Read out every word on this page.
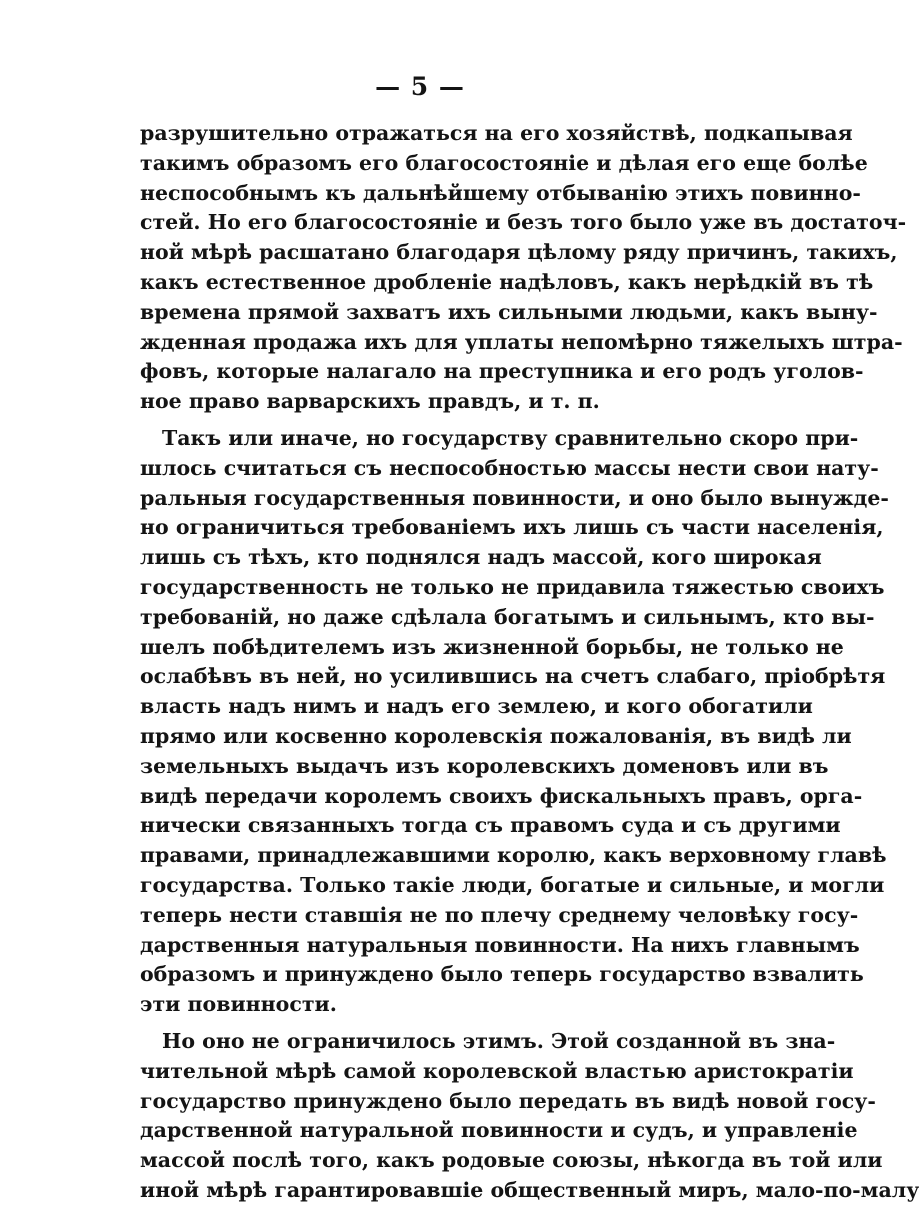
— 5 —
разрушительно отражаться на его хозяйствѣ, подкапывая
такимъ образомъ его благосостояніе и дѣлая его еще болѣе
неспособнымъ къ дальнѣйшему отбыванію этихъ повинно-
стей. Но его благосостояніе и безъ того было уже въ достаточ-
ной мѣрѣ расшатано благодаря цѣлому ряду причинъ, такихъ,
какъ естественное дробленіе надѣловъ, какъ нерѣдкій въ тѣ
времена прямой захватъ ихъ сильными людьми, какъ выну-
жденная продажа ихъ для уплаты непомѣрно тяжелыхъ штра-
фовъ, которые налагало на преступника и его родъ уголов-
ное право варварскихъ правдъ, и т. п.
Такъ или иначе, но государству сравнительно скоро при-
шлось считаться съ неспособностью массы нести свои нату-
ральныя государственныя повинности, и оно было вынужде-
но ограничиться требованіемъ ихъ лишь съ части населенія,
лишь съ тѣхъ, кто поднялся надъ массой, кого широкая
государственность не только не придавила тяжестью своихъ
требованій, но даже сдѣлала богатымъ и сильнымъ, кто вы-
шелъ побѣдителемъ изъ жизненной борьбы, не только не
ослабѣвъ въ ней, но усилившись на счетъ слабаго, пріобрѣтя
власть надъ нимъ и надъ его землею, и кого обогатили
прямо или косвенно королевскія пожалованія, въ видѣ ли
земельныхъ выдачъ изъ королевскихъ доменовъ или въ
видѣ передачи королемъ своихъ фискальныхъ правъ, орга-
нически связанныхъ тогда съ правомъ суда и съ другими
правами, принадлежавшими королю, какъ верховному главѣ
государства. Только такіе люди, богатые и сильные, и могли
теперь нести ставшія не по плечу среднему человѣку госу-
дарственныя натуральныя повинности. На нихъ главнымъ
образомъ и принуждено было теперь государство взвалить
эти повинности.
Но оно не ограничилось этимъ. Этой созданной въ зна-
чительной мѣрѣ самой королевской властью аристократіи
государство принуждено было передать въ видѣ новой госу-
дарственной натуральной повинности и судъ, и управленіе
массой послѣ того, какъ родовые союзы, нѣкогда въ той или
иной мѣрѣ гарантировавшіе общественный миръ, мало-по-малу
